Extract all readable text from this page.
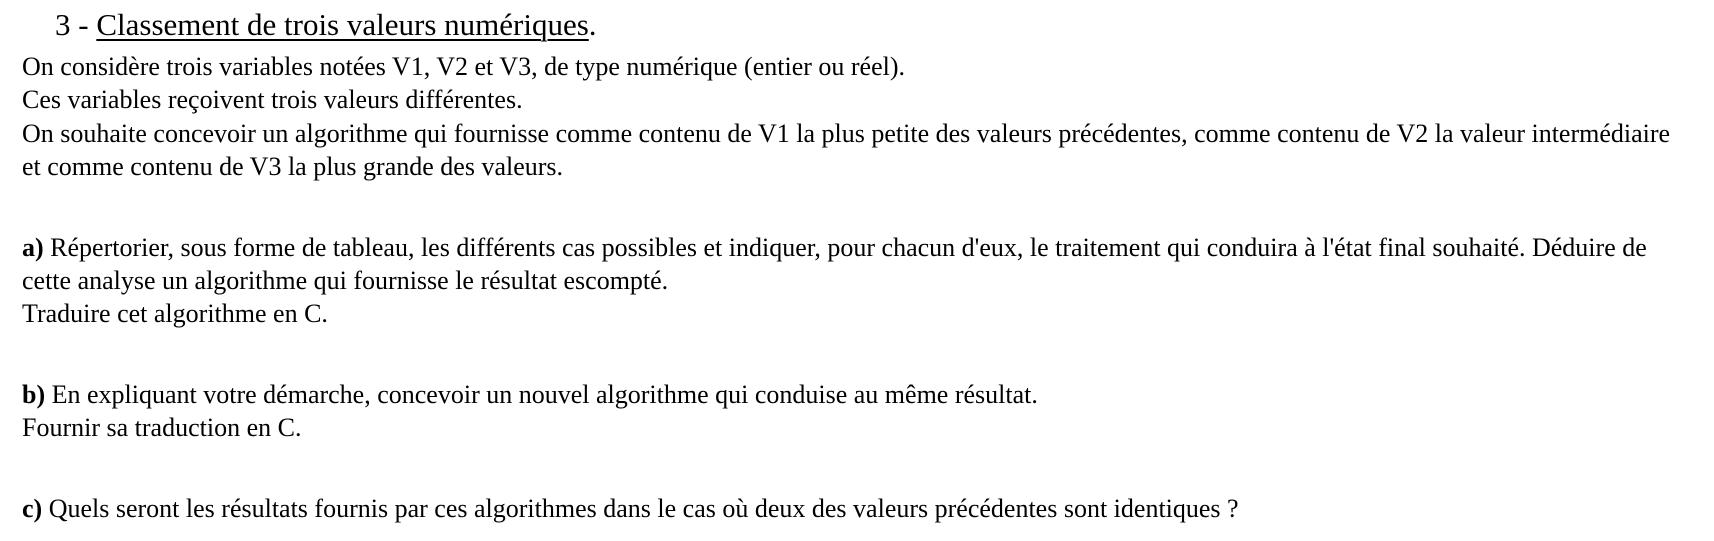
3 - Classement de trois valeurs numériques.

On considère trois variables notées V1, V2 et V3, de type numérique (entier ou réel).

Ces variables reçoivent trois valeurs différentes.

On souhaite concevoir un algorithme qui fournisse comme contenu de V1 la plus petite des valeurs précédentes, comme contenu de V2 la valeur intermédiaire et comme contenu de V3 la plus grande des valeurs.

a) Répertorier, sous forme de tableau, les différents cas possibles et indiquer, pour chacun d'eux, le traitement qui conduira à l'état final souhaité. Déduire de cette analyse un algorithme qui fournisse le résultat escompté.

Traduire cet algorithme en C.

b) En expliquant votre démarche, concevoir un nouvel algorithme qui conduise au même résultat.

Fournir sa traduction en C.

c) Quels seront les résultats fournis par ces algorithmes dans le cas où deux des valeurs précédentes sont identiques ?
